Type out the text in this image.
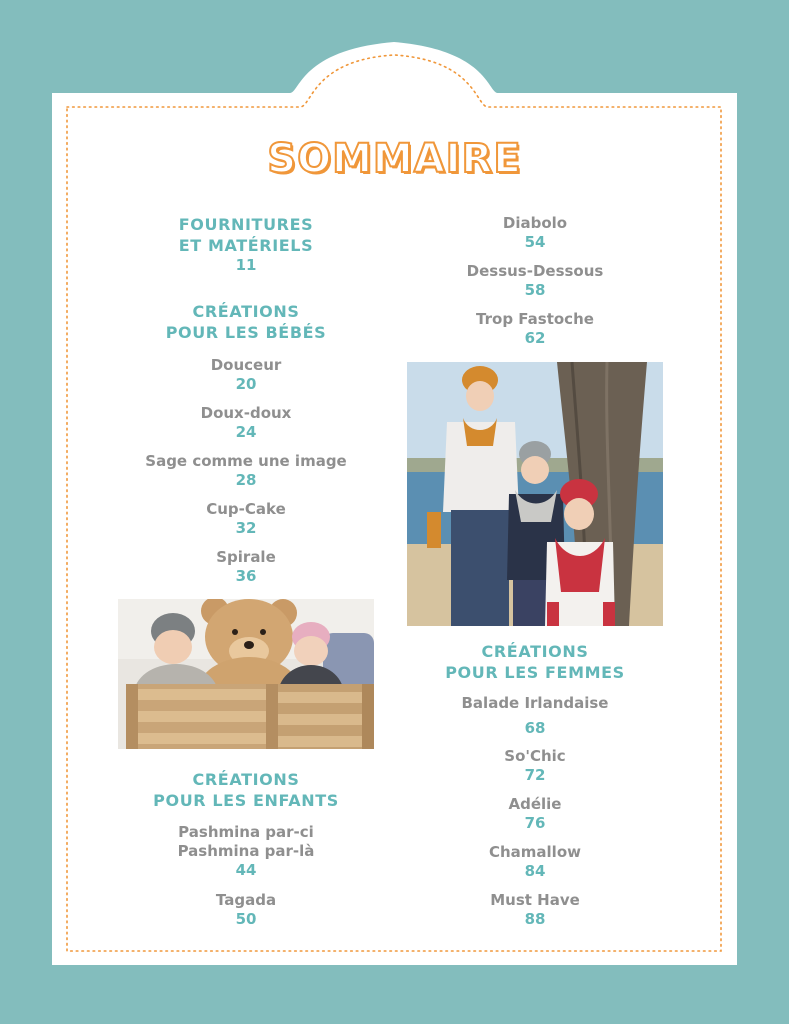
SOMMAIRE
FOURNITURES
ET MATÉRIELS
11
CRÉATIONS
POUR LES BÉBÉS
Douceur
20
Doux-doux
24
Sage comme une image
28
Cup-Cake
32
Spirale
36
CRÉATIONS
POUR LES ENFANTS
Pashmina par-ci
Pashmina par-là
44
Tagada
50
Diabolo
54
Dessus-Dessous
58
Trop Fastoche
62
CRÉATIONS
POUR LES FEMMES
Balade Irlandaise
68
So'Chic
72
Adélie
76
Chamallow
84
Must Have
88
